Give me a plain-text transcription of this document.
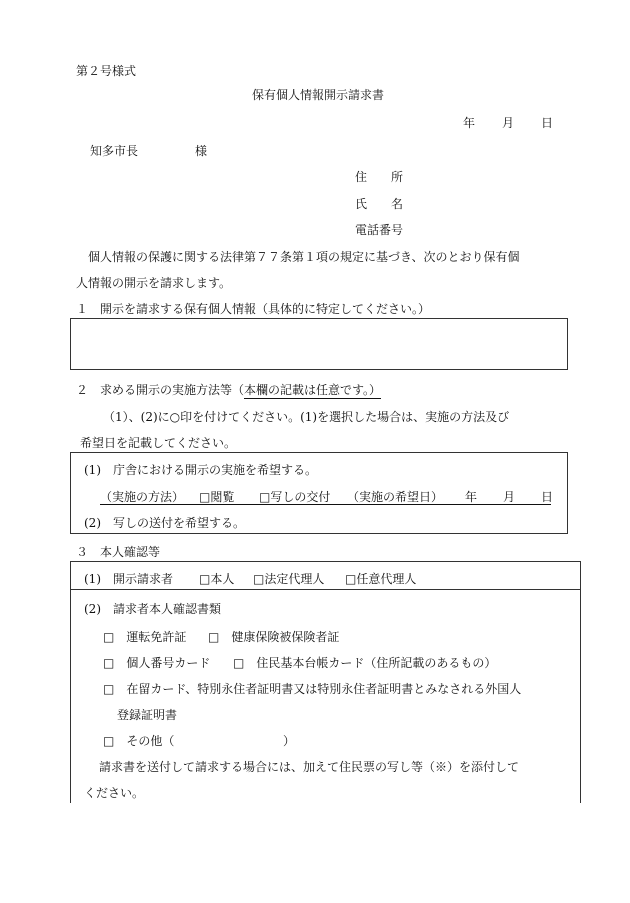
第２号様式
保有個人情報開示請求書
年 月 日
知多市長	様
住　　所
氏　　名
電話番号
個人情報の保護に関する法律第７７条第１項の規定に基づき、次のとおり保有個
人情報の開示を請求します。
１　開示を請求する保有個人情報（具体的に特定してください。）
２　求める開示の実施方法等（本欄の記載は任意です。）
（1）、(2)に○印を付けてください。(1)を選択した場合は、実施の方法及び
希望日を記載してください。
(1)　庁舎における開示の実施を希望する。
（実施の方法） □閲覧 □写しの交付 （実施の希望日） 年 月 日
(2)　写しの送付を希望する。
３　本人確認等
(1)　開示請求者 □本人 □法定代理人 □任意代理人
(2)　請求者本人確認書類
□　運転免許証 □　健康保険被保険者証
□　個人番号カード □　住民基本台帳カード（住所記載のあるもの）
□　在留カード、特別永住者証明書又は特別永住者証明書とみなされる外国人
登録証明書
□　その他（	）
請求書を送付して請求する場合には、加えて住民票の写し等（※）を添付して
ください。
